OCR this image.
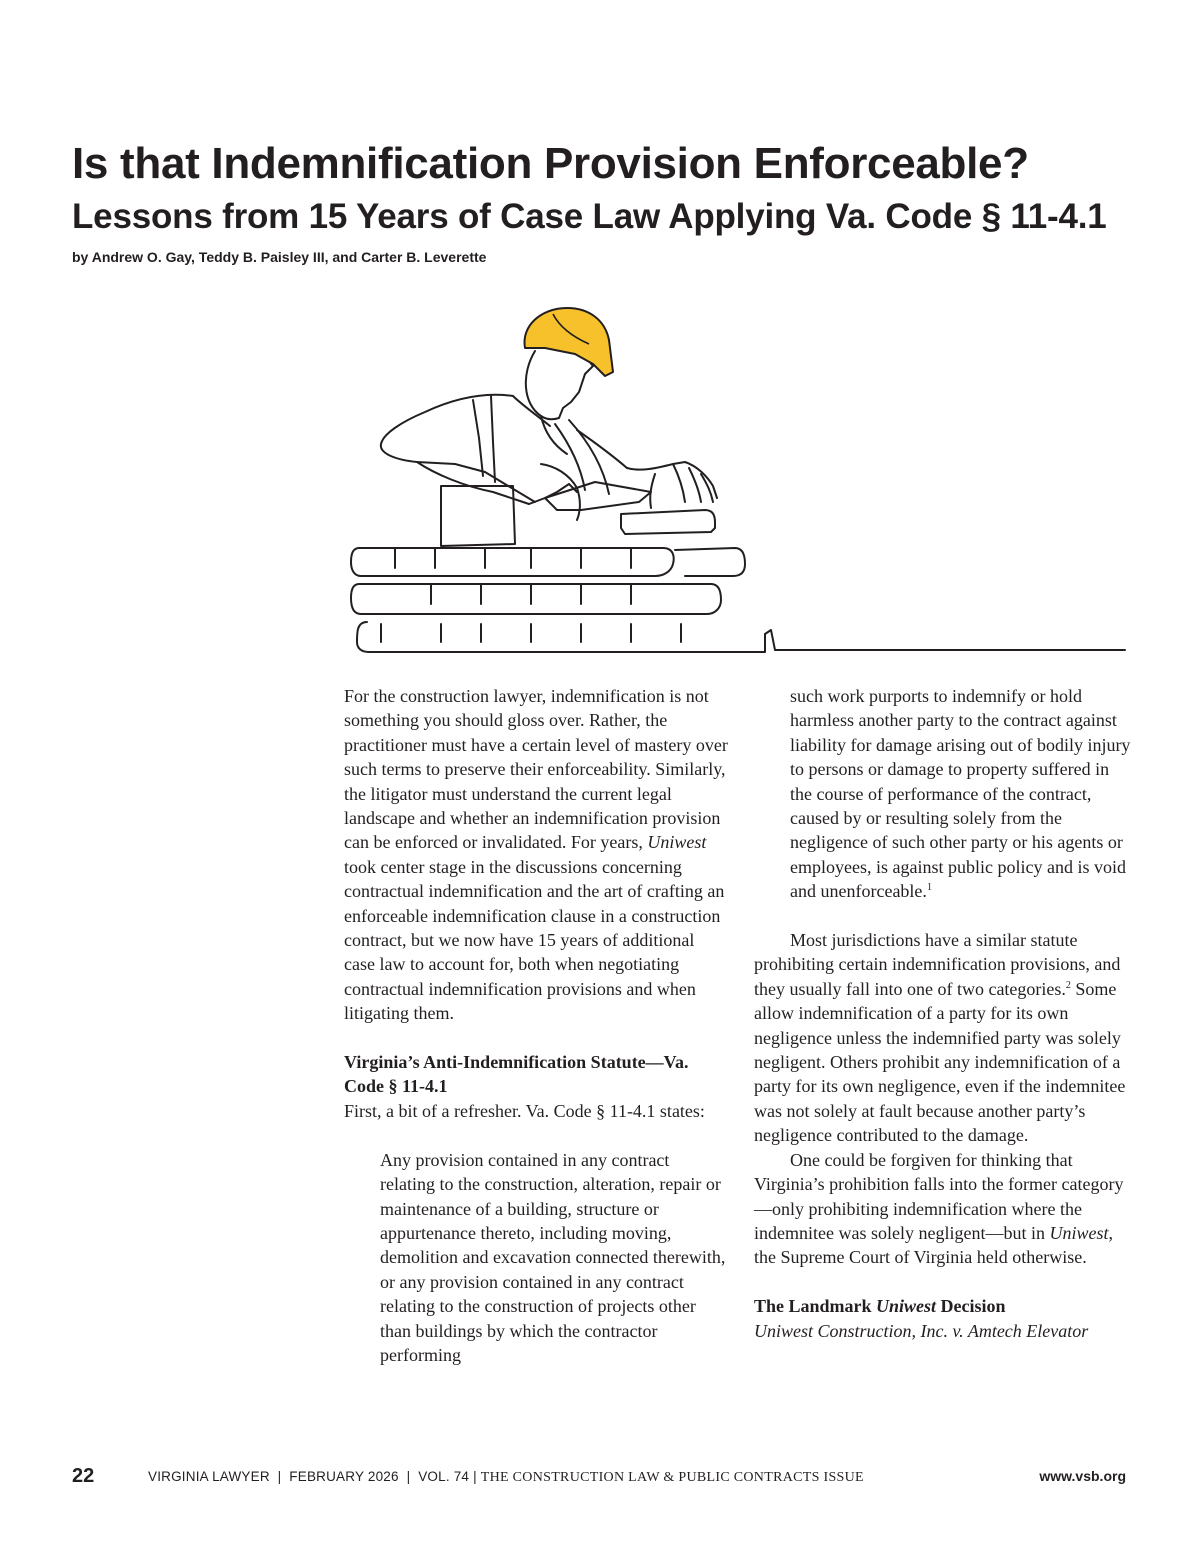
Is that Indemnification Provision Enforceable?
Lessons from 15 Years of Case Law Applying Va. Code § 11-4.1

by Andrew O. Gay, Teddy B. Paisley III, and Carter B. Leverette

For the construction lawyer, indemnification is not something you should gloss over. Rather, the practitioner must have a certain level of mastery over such terms to preserve their enforceability. Similarly, the litigator must understand the current legal landscape and whether an indemnification provision can be enforced or invalidated. For years, Uniwest took center stage in the discussions concerning contractual indemnification and the art of crafting an enforceable indemnification clause in a construction contract, but we now have 15 years of additional case law to account for, both when negotiating contractual indemnification provisions and when litigating them.

Virginia’s Anti-Indemnification Statute—Va. Code § 11-4.1

First, a bit of a refresher. Va. Code § 11-4.1 states:

Any provision contained in any contract relating to the construction, alteration, repair or maintenance of a building, structure or appurtenance thereto, including moving, demolition and excavation connected therewith, or any provision contained in any contract relating to the construction of projects other than buildings by which the contractor performing

such work purports to indemnify or hold harmless another party to the contract against liability for damage arising out of bodily injury to persons or damage to property suffered in the course of performance of the contract, caused by or resulting solely from the negligence of such other party or his agents or employees, is against public policy and is void and unenforceable.$^1$

Most jurisdictions have a similar statute prohibiting certain indemnification provisions, and they usually fall into one of two categories.$^2$ Some allow indemnification of a party for its own negligence unless the indemnified party was solely negligent. Others prohibit any indemnification of a party for its own negligence, even if the indemnitee was not solely at fault because another party’s negligence contributed to the damage.

One could be forgiven for thinking that Virginia’s prohibition falls into the former category—only prohibiting indemnification where the indemnitee was solely negligent—but in Uniwest, the Supreme Court of Virginia held otherwise.

The Landmark Uniwest Decision

Uniwest Construction, Inc. v. Amtech Elevator

22	VIRGINIA LAWYER  |  FEBRUARY 2026  |  VOL. 74 | THE CONSTRUCTION LAW & PUBLIC CONTRACTS ISSUE	www.vsb.org
